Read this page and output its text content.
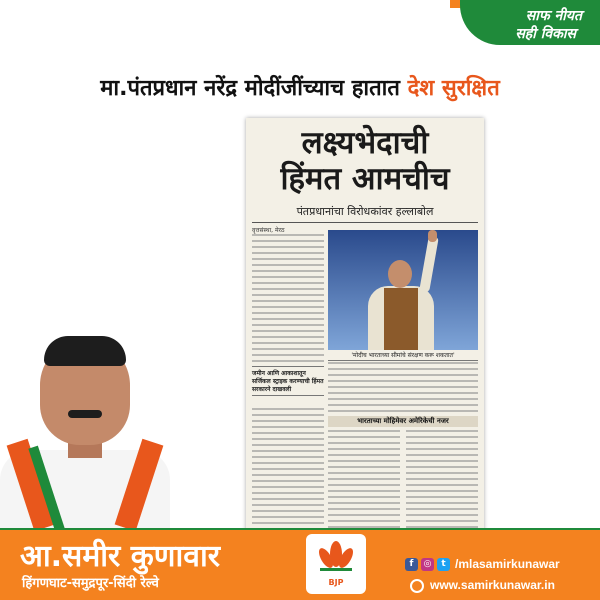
साफ नीयत
सही विकास
मा.पंतप्रधान नरेंद्र मोदींजींच्याच हातात देश सुरक्षित
लक्ष्यभेदाची
हिंमत आमचीच
पंतप्रधानांचा विरोधकांवर हल्लाबोल
वृत्तसंस्था, मेरठ
जमीन आणि आकाशातून सर्जिकल स्ट्राइक करण्याची हिंमत सरकारने दाखवली
'मोदीच भारताच्या सीमांचे संरक्षण करू शकतात'
भारताच्या मोहिमेवर अमेरिकेची नजर
आ.समीर कुणावार
हिंगणघाट-समुद्रपूर-सिंदी रेल्वे	BJP
f	◎	t /mlasamirkunawar
www.samirkunawar.in
